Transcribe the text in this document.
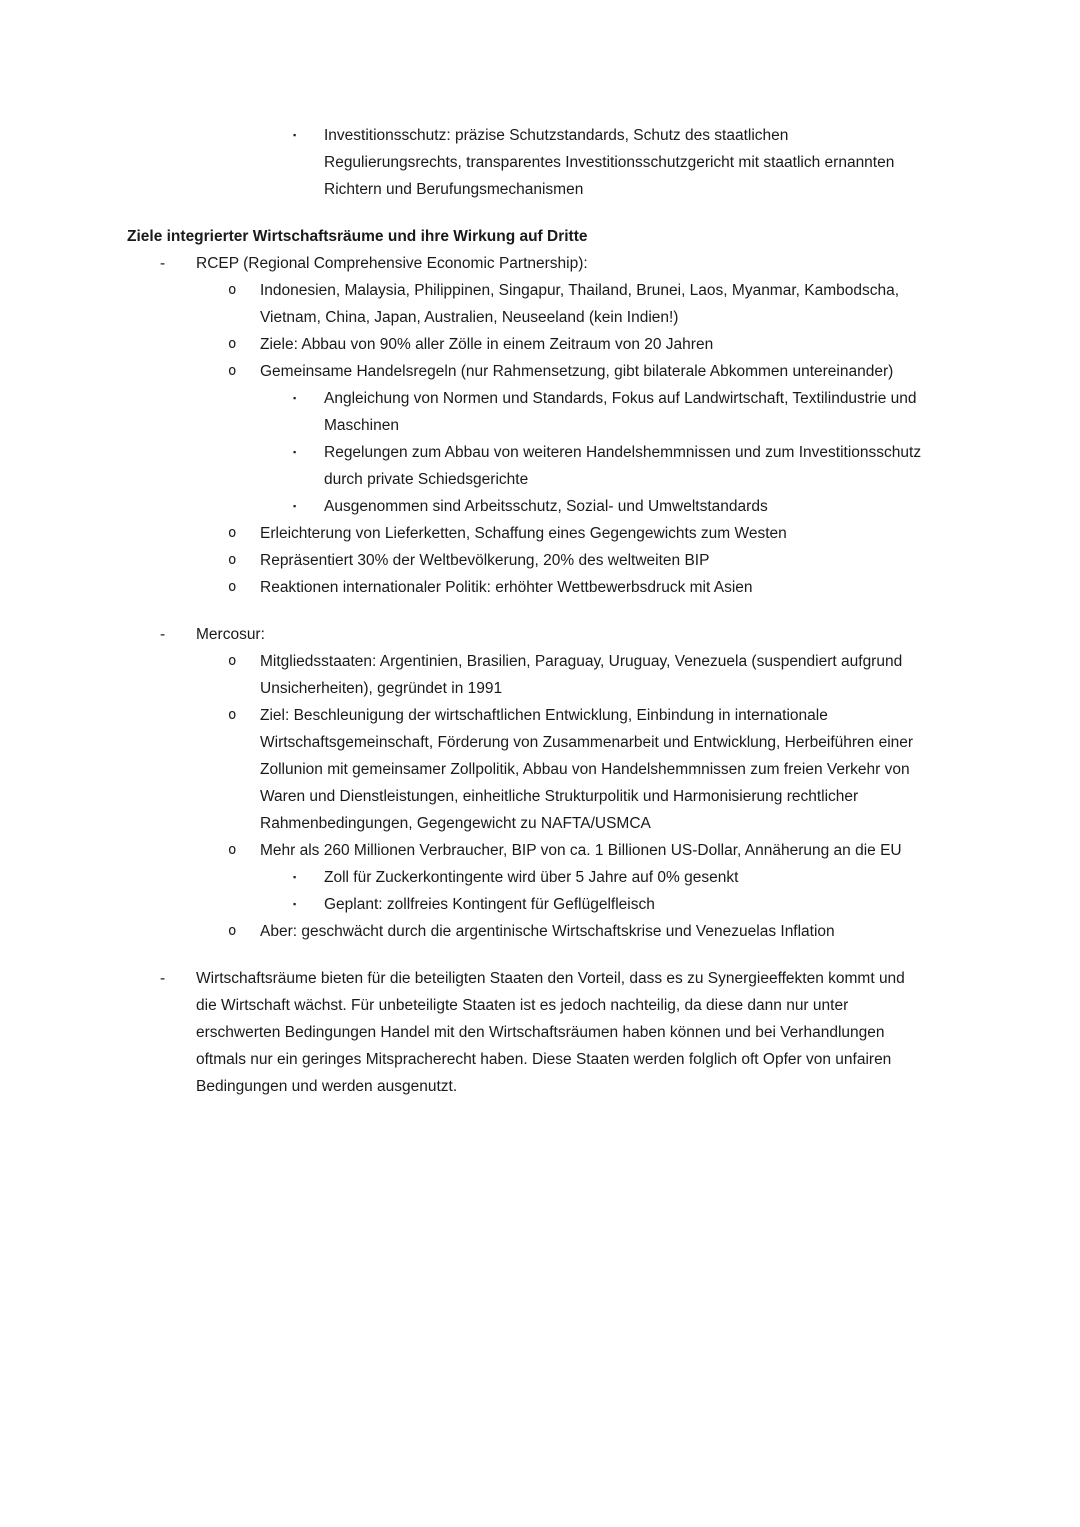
▪	Investitionsschutz: präzise Schutzstandards, Schutz des staatlichen Regulierungsrechts, transparentes Investitionsschutzgericht mit staatlich ernannten Richtern und Berufungsmechanismen
Ziele integrierter Wirtschaftsräume und ihre Wirkung auf Dritte
-	RCEP (Regional Comprehensive Economic Partnership):
o	Indonesien, Malaysia, Philippinen, Singapur, Thailand, Brunei, Laos, Myanmar, Kambodscha, Vietnam, China, Japan, Australien, Neuseeland (kein Indien!)
o	Ziele: Abbau von 90% aller Zölle in einem Zeitraum von 20 Jahren
o	Gemeinsame Handelsregeln (nur Rahmensetzung, gibt bilaterale Abkommen untereinander)
▪	Angleichung von Normen und Standards, Fokus auf Landwirtschaft, Textilindustrie und Maschinen
▪	Regelungen zum Abbau von weiteren Handelshemmnissen und zum Investitionsschutz durch private Schiedsgerichte
▪	Ausgenommen sind Arbeitsschutz, Sozial- und Umweltstandards
o	Erleichterung von Lieferketten, Schaffung eines Gegengewichts zum Westen
o	Repräsentiert 30% der Weltbevölkerung, 20% des weltweiten BIP
o	Reaktionen internationaler Politik: erhöhter Wettbewerbsdruck mit Asien
-	Mercosur:
o	Mitgliedsstaaten: Argentinien, Brasilien, Paraguay, Uruguay, Venezuela (suspendiert aufgrund Unsicherheiten), gegründet in 1991
o	Ziel: Beschleunigung der wirtschaftlichen Entwicklung, Einbindung in internationale Wirtschaftsgemeinschaft, Förderung von Zusammenarbeit und Entwicklung, Herbeiführen einer Zollunion mit gemeinsamer Zollpolitik, Abbau von Handelshemmnissen zum freien Verkehr von Waren und Dienstleistungen, einheitliche Strukturpolitik und Harmonisierung rechtlicher Rahmenbedingungen, Gegengewicht zu NAFTA/USMCA
o	Mehr als 260 Millionen Verbraucher, BIP von ca. 1 Billionen US-Dollar, Annäherung an die EU
▪	Zoll für Zuckerkontingente wird über 5 Jahre auf 0% gesenkt
▪	Geplant: zollfreies Kontingent für Geflügelfleisch
o	Aber: geschwächt durch die argentinische Wirtschaftskrise und Venezuelas Inflation
-	Wirtschaftsräume bieten für die beteiligten Staaten den Vorteil, dass es zu Synergieeffekten kommt und die Wirtschaft wächst. Für unbeteiligte Staaten ist es jedoch nachteilig, da diese dann nur unter erschwerten Bedingungen Handel mit den Wirtschaftsräumen haben können und bei Verhandlungen oftmals nur ein geringes Mitspracherecht haben. Diese Staaten werden folglich oft Opfer von unfairen Bedingungen und werden ausgenutzt.
